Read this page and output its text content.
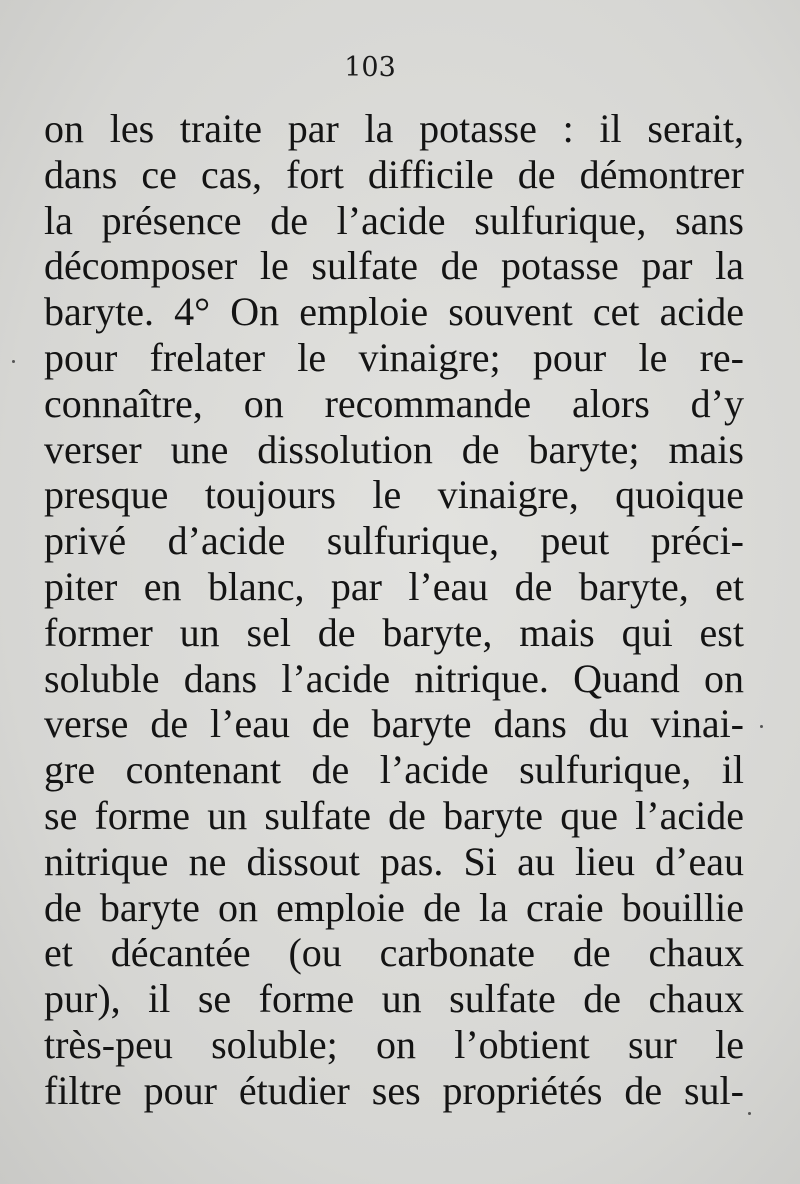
103
on les traite par la potasse : il serait,
dans ce cas, fort difficile de démontrer
la présence de l’acide sulfurique, sans
décomposer le sulfate de potasse par la
baryte. 4° On emploie souvent cet acide
pour frelater le vinaigre; pour le re-
connaître, on recommande alors d’y
verser une dissolution de baryte; mais
presque toujours le vinaigre, quoique
privé d’acide sulfurique, peut préci-
piter en blanc, par l’eau de baryte, et
former un sel de baryte, mais qui est
soluble dans l’acide nitrique. Quand on
verse de l’eau de baryte dans du vinai-
gre contenant de l’acide sulfurique, il
se forme un sulfate de baryte que l’acide
nitrique ne dissout pas. Si au lieu d’eau
de baryte on emploie de la craie bouillie
et décantée (ou carbonate de chaux
pur), il se forme un sulfate de chaux
très-peu soluble; on l’obtient sur le
filtre pour étudier ses propriétés de sul-
